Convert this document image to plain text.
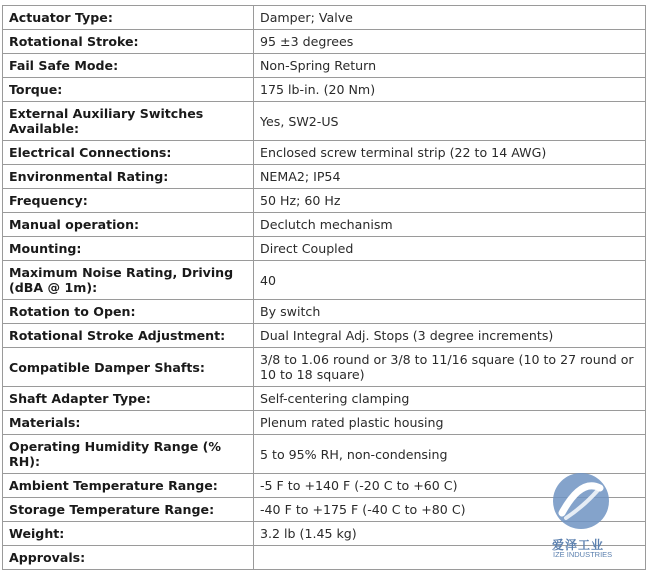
Actuator Type:	Damper; Valve
Rotational Stroke:	95 ±3 degrees
Fail Safe Mode:	Non-Spring Return
Torque:	175 lb-in. (20 Nm)
External Auxiliary Switches Available:	Yes, SW2-US
Electrical Connections:	Enclosed screw terminal strip (22 to 14 AWG)
Environmental Rating:	NEMA2; IP54
Frequency:	50 Hz; 60 Hz
Manual operation:	Declutch mechanism
Mounting:	Direct Coupled
Maximum Noise Rating, Driving (dBA @ 1m):	40
Rotation to Open:	By switch
Rotational Stroke Adjustment:	Dual Integral Adj. Stops (3 degree increments)
Compatible Damper Shafts:	3/8 to 1.06 round or 3/8 to 11/16 square (10 to 27 round or 10 to 18 square)
Shaft Adapter Type:	Self-centering clamping
Materials:	Plenum rated plastic housing
Operating Humidity Range (% RH):	5 to 95% RH, non-condensing
Ambient Temperature Range:	-5 F to +140 F (-20 C to +60 C)
Storage Temperature Range:	-40 F to +175 F (-40 C to +80 C)
Weight:	3.2 lb (1.45 kg)
Approvals:	
爱泽工业
IZE INDUSTRIES
